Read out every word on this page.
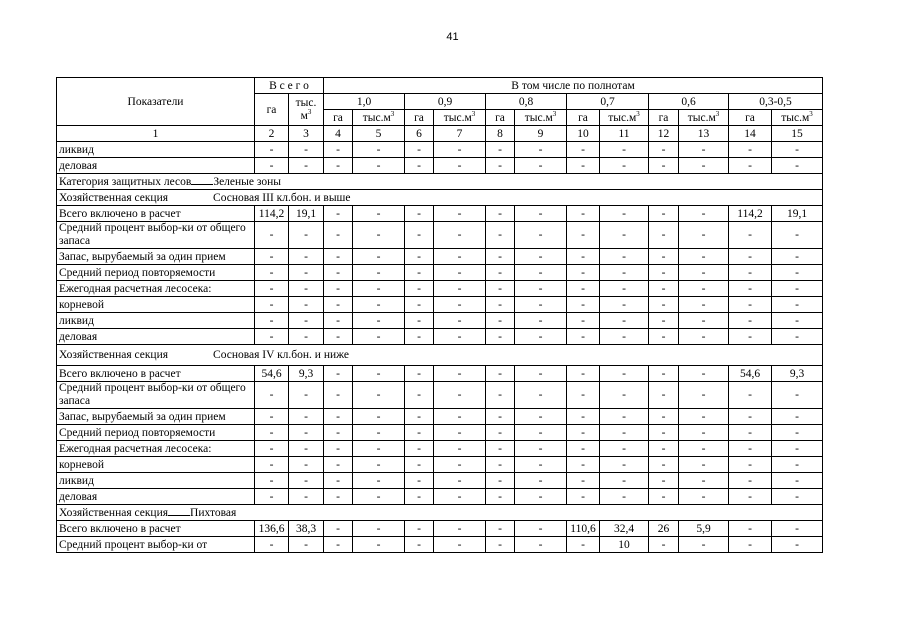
41
Показатели	В с е г о		В том числе по полнотам											
	га	тыс.
$м^3$	1,0		0,9		0,8		0,7		0,6		0,3-0,5	
			га	$тыс.м^3$	га	$тыс.м^3$	га	$тыс.м^3$	га	$тыс.м^3$	га	$тыс.м^3$	га	$тыс.м^3$
1	2	3	4	5	6	7	8	9	10	11	12	13	14	15
ликвид	-	-	-	-	-	-	-	-	-	-	-	-	-	-
деловая	-	-	-	-	-	-	-	-	-	-	-	-	-	-
Категория защитных лесов Зеленые зоны														
Хозяйственная секция Сосновая III кл.бон. и выше														
Всего включено в расчет	114,2	19,1	-	-	-	-	-	-	-	-	-	-	114,2	19,1
Средний процент выбор-ки от общего запаса	-	-	-	-	-	-	-	-	-	-	-	-	-	-
Запас, вырубаемый за один прием	-	-	-	-	-	-	-	-	-	-	-	-	-	-
Средний период повторяемости	-	-	-	-	-	-	-	-	-	-	-	-	-	-
Ежегодная расчетная лесосека:	-	-	-	-	-	-	-	-	-	-	-	-	-	-
корневой	-	-	-	-	-	-	-	-	-	-	-	-	-	-
ликвид	-	-	-	-	-	-	-	-	-	-	-	-	-	-
деловая	-	-	-	-	-	-	-	-	-	-	-	-	-	-
Хозяйственная секция Сосновая IV кл.бон. и ниже														
Всего включено в расчет	54,6	9,3	-	-	-	-	-	-	-	-	-	-	54,6	9,3
Средний процент выбор-ки от общего запаса	-	-	-	-	-	-	-	-	-	-	-	-	-	-
Запас, вырубаемый за один прием	-	-	-	-	-	-	-	-	-	-	-	-	-	-
Средний период повторяемости	-	-	-	-	-	-	-	-	-	-	-	-	-	-
Ежегодная расчетная лесосека:	-	-	-	-	-	-	-	-	-	-	-	-	-	-
корневой	-	-	-	-	-	-	-	-	-	-	-	-	-	-
ликвид	-	-	-	-	-	-	-	-	-	-	-	-	-	-
деловая	-	-	-	-	-	-	-	-	-	-	-	-	-	-
Хозяйственная секция Пихтовая														
Всего включено в расчет	136,6	38,3	-	-	-	-	-	-	110,6	32,4	26	5,9	-	-
Средний процент выбор-ки от	-	-	-	-	-	-	-	-	-	10	-	-	-	-
